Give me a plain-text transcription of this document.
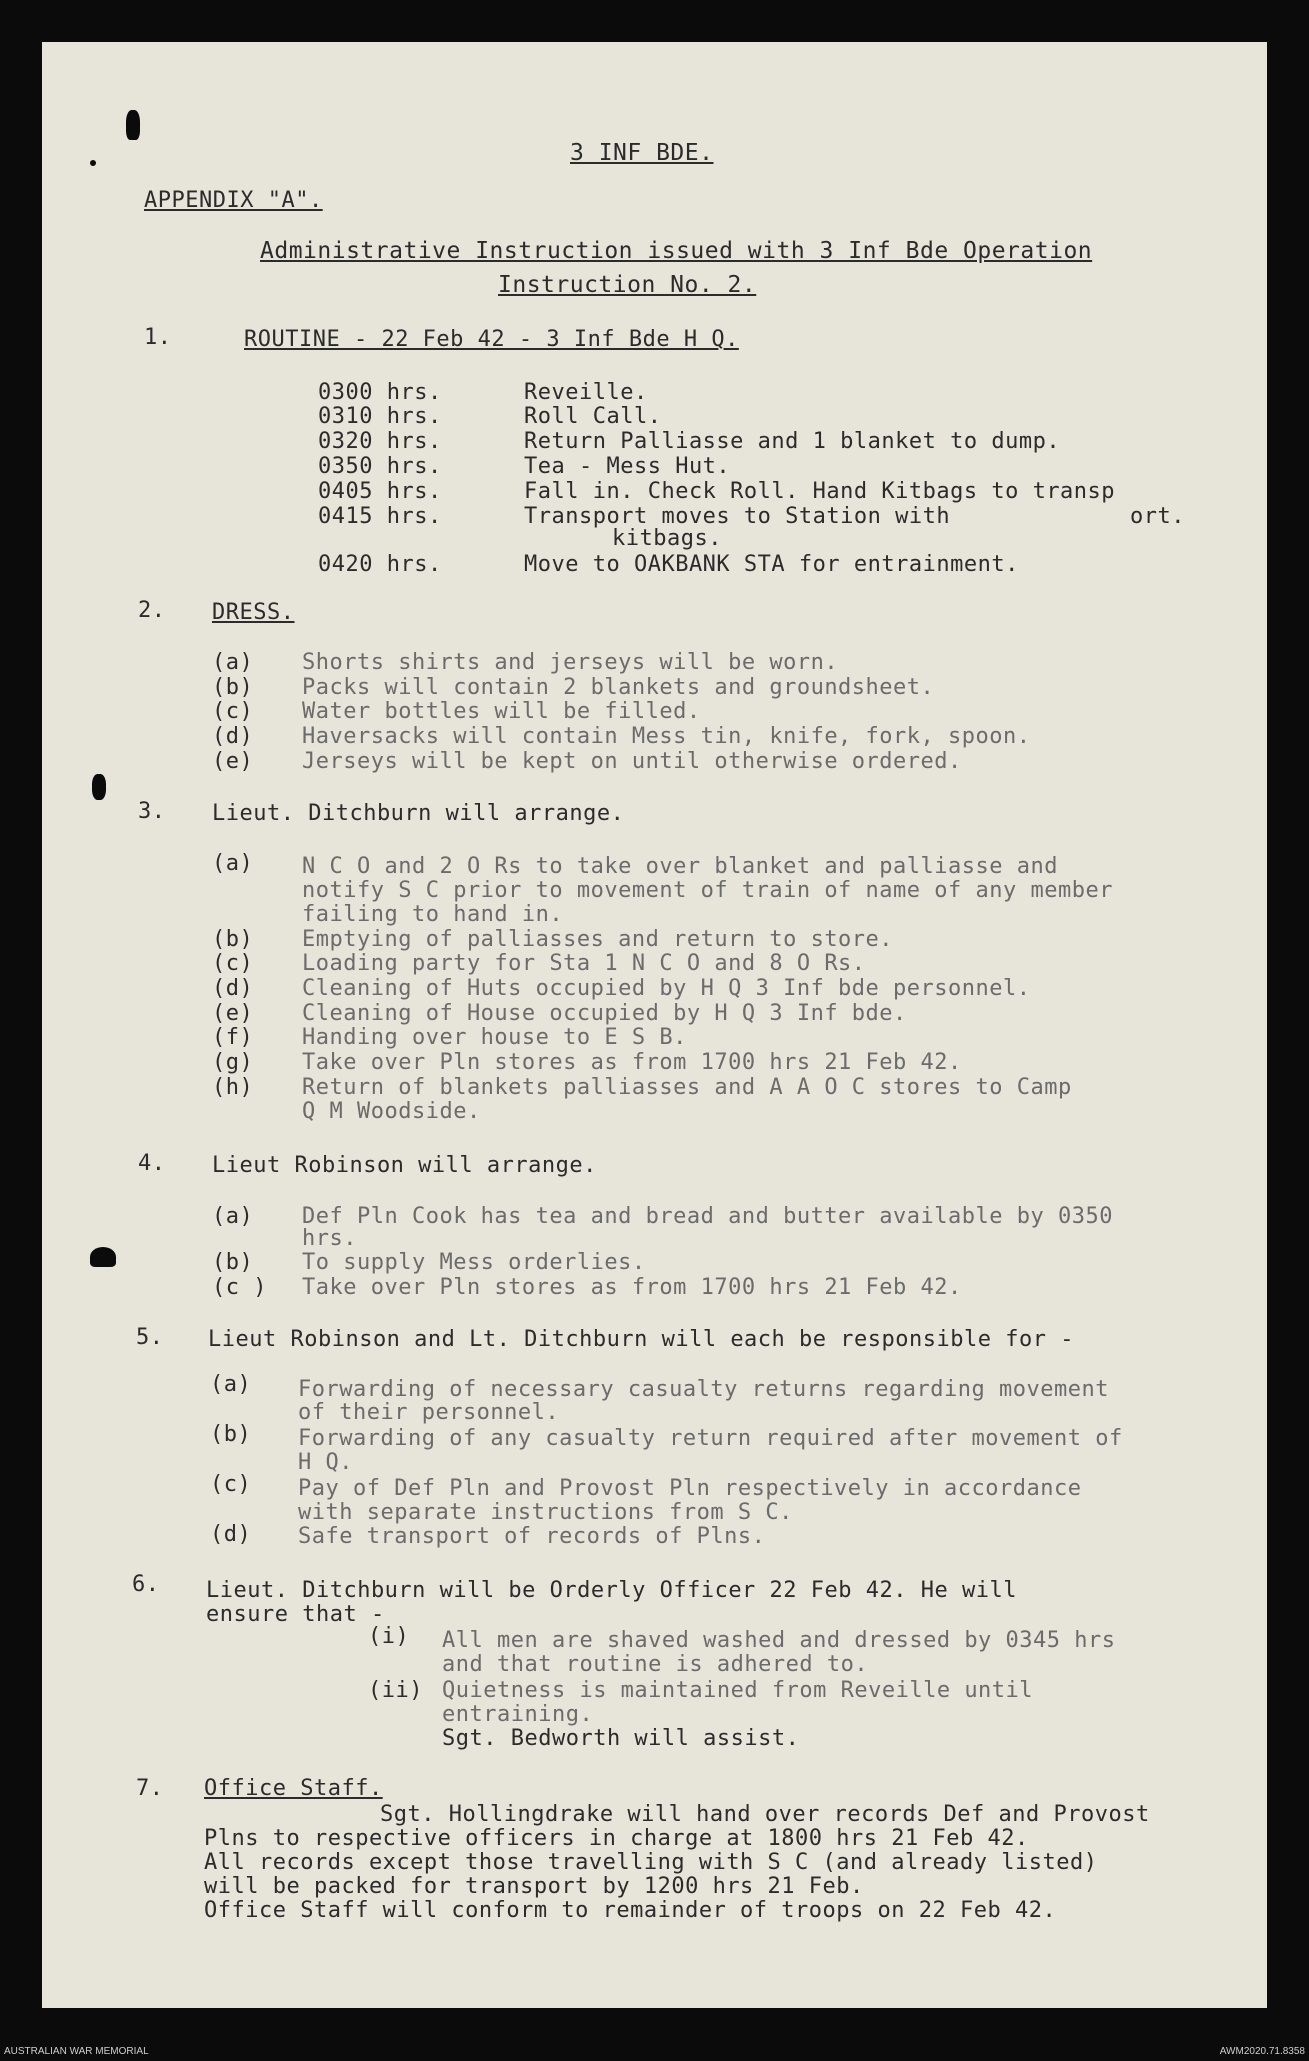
3 INF BDE.
APPENDIX "A".
Administrative Instruction issued with 3 Inf Bde Operation
Instruction No. 2.
1.	ROUTINE - 22 Feb 42 - 3 Inf Bde H Q.
0300 hrs.	Reveille.
0310 hrs.	Roll Call.
0320 hrs.	Return Palliasse and 1 blanket to dump.
0350 hrs.	Tea - Mess Hut.
0405 hrs.	Fall in. Check Roll. Hand Kitbags to transp
0415 hrs.	Transport moves to Station with	ort.
kitbags.
0420 hrs.	Move to OAKBANK STA for entrainment.
2. DRESS.
(a) Shorts shirts and jerseys will be worn.
(b) Packs will contain 2 blankets and groundsheet.
(c) Water bottles will be filled.
(d) Haversacks will contain Mess tin, knife, fork, spoon.
(e) Jerseys will be kept on until otherwise ordered.
3. Lieut. Ditchburn will arrange.
(a) N C O and 2 O Rs to take over blanket and palliasse and
notify S C prior to movement of train of name of any member
failing to hand in.
(b) Emptying of palliasses and return to store.
(c) Loading party for Sta 1 N C O and 8 O Rs.
(d) Cleaning of Huts occupied by H Q 3 Inf bde personnel.
(e) Cleaning of House occupied by H Q 3 Inf bde.
(f) Handing over house to E S B.
(g) Take over Pln stores as from 1700 hrs 21 Feb 42.
(h) Return of blankets palliasses and A A O C stores to Camp
Q M Woodside.
4. Lieut Robinson will arrange.
(a) Def Pln Cook has tea and bread and butter available by 0350
hrs.
(b) To supply Mess orderlies.
(c ) Take over Pln stores as from 1700 hrs 21 Feb 42.
5. Lieut Robinson and Lt. Ditchburn will each be responsible for -
(a) Forwarding of necessary casualty returns regarding movement
of their personnel.
(b) Forwarding of any casualty return required after movement of
H Q.
(c) Pay of Def Pln and Provost Pln respectively in accordance
with separate instructions from S C.
(d) Safe transport of records of Plns.
6. Lieut. Ditchburn will be Orderly Officer 22 Feb 42. He will
ensure that -
(i) All men are shaved washed and dressed by 0345 hrs
and that routine is adhered to.
(ii) Quietness is maintained from Reveille until
entraining.
Sgt. Bedworth will assist.
7. Office Staff.
Sgt. Hollingdrake will hand over records Def and Provost
Plns to respective officers in charge at 1800 hrs 21 Feb 42.
All records except those travelling with S C (and already listed)
will be packed for transport by 1200 hrs 21 Feb.
Office Staff will conform to remainder of troops on 22 Feb 42.
AUSTRALIAN WAR MEMORIAL	AWM2020.71.8358
